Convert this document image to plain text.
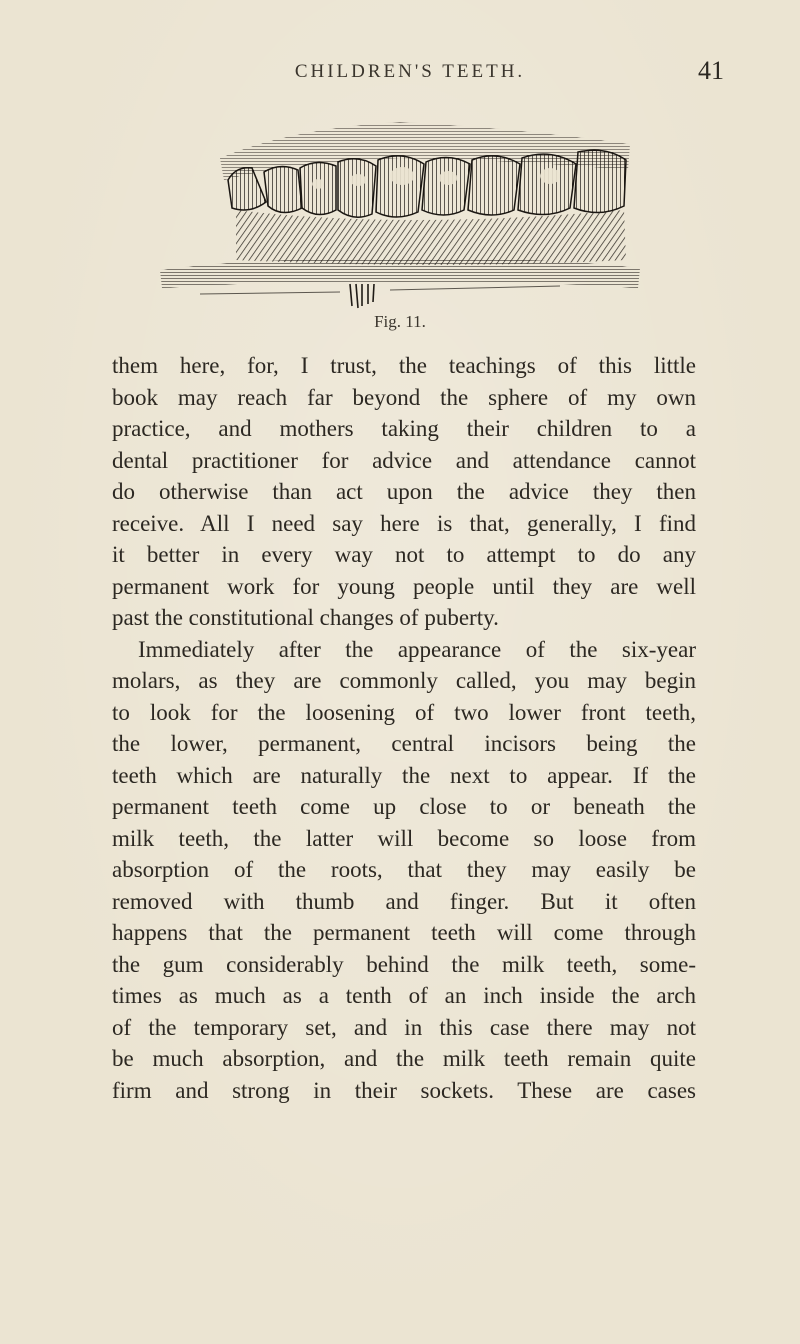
CHILDREN'S TEETH.	41
Fig. 11.
them here, for, I trust, the teachings of this little
book may reach far beyond the sphere of my own
practice, and mothers taking their children to a
dental practitioner for advice and attendance cannot
do otherwise than act upon the advice they then
receive. All I need say here is that, generally, I find
it better in every way not to attempt to do any
permanent work for young people until they are well
past the constitutional changes of puberty.
Immediately after the appearance of the six-year
molars, as they are commonly called, you may begin
to look for the loosening of two lower front teeth,
the lower, permanent, central incisors being the
teeth which are naturally the next to appear. If the
permanent teeth come up close to or beneath the
milk teeth, the latter will become so loose from
absorption of the roots, that they may easily be
removed with thumb and finger. But it often
happens that the permanent teeth will come through
the gum considerably behind the milk teeth, some-
times as much as a tenth of an inch inside the arch
of the temporary set, and in this case there may not
be much absorption, and the milk teeth remain quite
firm and strong in their sockets. These are cases
